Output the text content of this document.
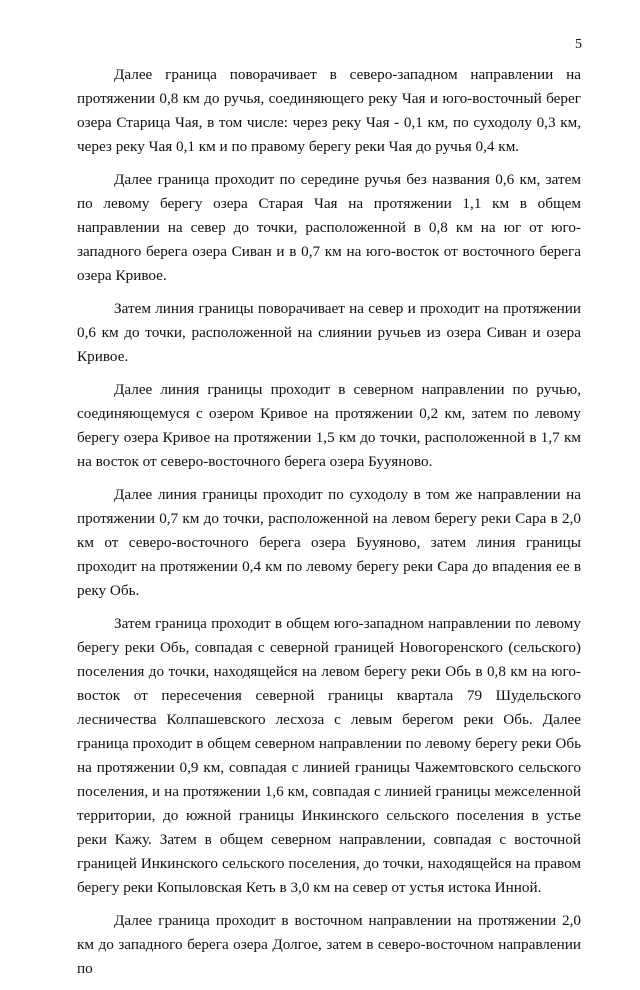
5

Далее граница поворачивает в северо-западном направлении на протяжении 0,8 км до ручья, соединяющего реку Чая и юго-восточный берег озера Старица Чая, в том числе: через реку Чая - 0,1 км, по суходолу 0,3 км, через реку Чая 0,1 км и по правому берегу реки Чая до ручья 0,4 км.

Далее граница проходит по середине ручья без названия 0,6 км, затем по левому берегу озера Старая Чая на протяжении 1,1 км в общем направлении на север до точки, расположенной в 0,8 км на юг от юго-западного берега озера Сиван и в 0,7 км на юго-восток от восточного берега озера Кривое.

Затем линия границы поворачивает на север и проходит на протяжении 0,6 км до точки, расположенной на слиянии ручьев из озера Сиван и озера Кривое.

Далее линия границы проходит в северном направлении по ручью, соединяющемуся с озером Кривое на протяжении 0,2 км, затем по левому берегу озера Кривое на протяжении 1,5 км до точки, расположенной в 1,7 км на восток от северо-восточного берега озера Бууяново.

Далее линия границы проходит по суходолу в том же направлении на протяжении 0,7 км до точки, расположенной на левом берегу реки Сара в 2,0 км от северо-восточного берега озера Бууяново, затем линия границы проходит на протяжении 0,4 км по левому берегу реки Сара до впадения ее в реку Обь.

Затем граница проходит в общем юго-западном направлении по левому берегу реки Обь, совпадая с северной границей Новогоренского (сельского) поселения до точки, находящейся на левом берегу реки Обь в 0,8 км на юго-восток от пересечения северной границы квартала 79 Шудельского лесничества Колпашевского лесхоза с левым берегом реки Обь. Далее граница проходит в общем северном направлении по левому берегу реки Обь на протяжении 0,9 км, совпадая с линией границы Чажемтовского сельского поселения, и на протяжении 1,6 км, совпадая с линией границы межселенной территории, до южной границы Инкинского сельского поселения в устье реки Кажу. Затем в общем северном направлении, совпадая с восточной границей Инкинского сельского поселения, до точки, находящейся на правом берегу реки Копыловская Кеть в 3,0 км на север от устья истока Инной.

Далее граница проходит в восточном направлении на протяжении 2,0 км до западного берега озера Долгое, затем в северо-восточном направлении по
